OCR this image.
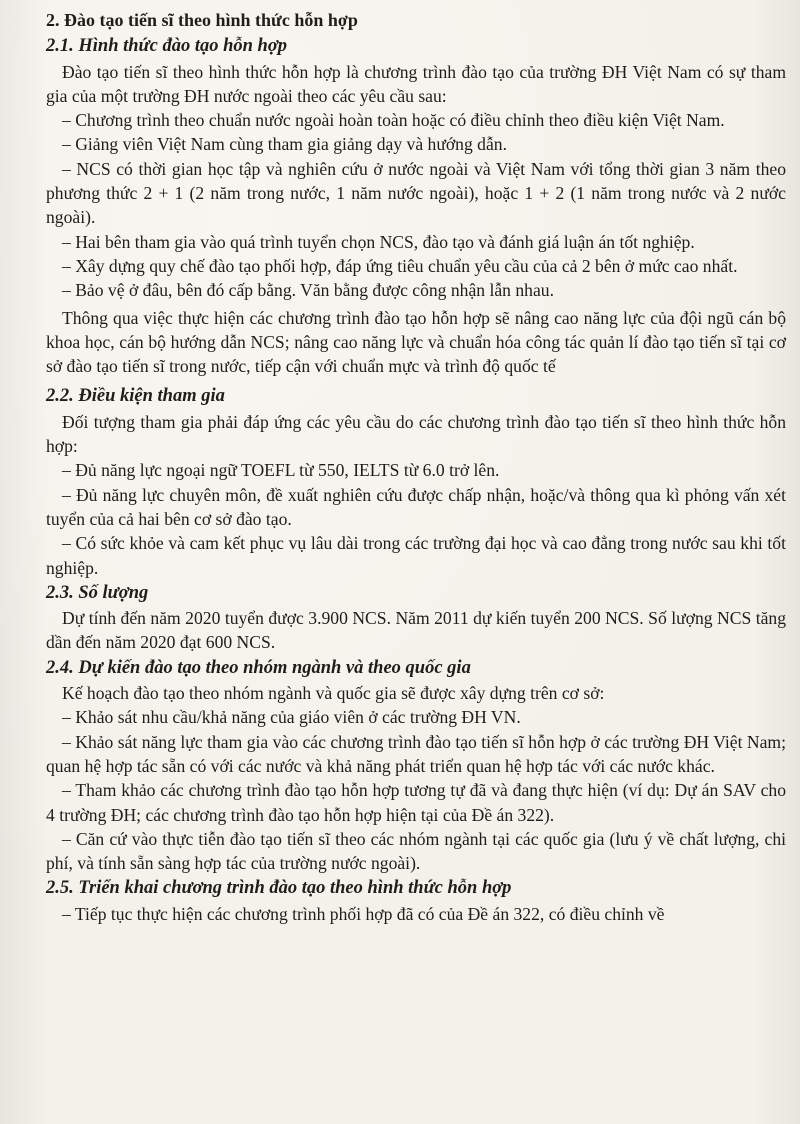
2. Đào tạo tiến sĩ theo hình thức hỗn hợp
2.1. Hình thức đào tạo hỗn hợp

Đào tạo tiến sĩ theo hình thức hỗn hợp là chương trình đào tạo của trường ĐH Việt Nam có sự tham gia của một trường ĐH nước ngoài theo các yêu cầu sau:

– Chương trình theo chuẩn nước ngoài hoàn toàn hoặc có điều chỉnh theo điều kiện Việt Nam.

– Giảng viên Việt Nam cùng tham gia giảng dạy và hướng dẫn.

– NCS có thời gian học tập và nghiên cứu ở nước ngoài và Việt Nam với tổng thời gian 3 năm theo phương thức 2 + 1 (2 năm trong nước, 1 năm nước ngoài), hoặc 1 + 2 (1 năm trong nước và 2 nước ngoài).

– Hai bên tham gia vào quá trình tuyển chọn NCS, đào tạo và đánh giá luận án tốt nghiệp.

– Xây dựng quy chế đào tạo phối hợp, đáp ứng tiêu chuẩn yêu cầu của cả 2 bên ở mức cao nhất.

– Bảo vệ ở đâu, bên đó cấp bằng. Văn bằng được công nhận lẫn nhau.

Thông qua việc thực hiện các chương trình đào tạo hỗn hợp sẽ nâng cao năng lực của đội ngũ cán bộ khoa học, cán bộ hướng dẫn NCS; nâng cao năng lực và chuẩn hóa công tác quản lí đào tạo tiến sĩ tại cơ sở đào tạo tiến sĩ trong nước, tiếp cận với chuẩn mực và trình độ quốc tế

2.2. Điều kiện tham gia

Đối tượng tham gia phải đáp ứng các yêu cầu do các chương trình đào tạo tiến sĩ theo hình thức hỗn hợp:

– Đủ năng lực ngoại ngữ TOEFL từ 550, IELTS từ 6.0 trở lên.

– Đủ năng lực chuyên môn, đề xuất nghiên cứu được chấp nhận, hoặc/và thông qua kì phỏng vấn xét tuyển của cả hai bên cơ sở đào tạo.

– Có sức khỏe và cam kết phục vụ lâu dài trong các trường đại học và cao đẳng trong nước sau khi tốt nghiệp.

2.3. Số lượng

Dự tính đến năm 2020 tuyển được 3.900 NCS. Năm 2011 dự kiến tuyển 200 NCS. Số lượng NCS tăng dần đến năm 2020 đạt 600 NCS.

2.4. Dự kiến đào tạo theo nhóm ngành và theo quốc gia

Kế hoạch đào tạo theo nhóm ngành và quốc gia sẽ được xây dựng trên cơ sở:

– Khảo sát nhu cầu/khả năng của giáo viên ở các trường ĐH VN.

– Khảo sát năng lực tham gia vào các chương trình đào tạo tiến sĩ hỗn hợp ở các trường ĐH Việt Nam; quan hệ hợp tác sẵn có với các nước và khả năng phát triển quan hệ hợp tác với các nước khác.

– Tham khảo các chương trình đào tạo hỗn hợp tương tự đã và đang thực hiện (ví dụ: Dự án SAV cho 4 trường ĐH; các chương trình đào tạo hỗn hợp hiện tại của Đề án 322).

– Căn cứ vào thực tiễn đào tạo tiến sĩ theo các nhóm ngành tại các quốc gia (lưu ý về chất lượng, chi phí, và tính sẵn sàng hợp tác của trường nước ngoài).

2.5. Triển khai chương trình đào tạo theo hình thức hỗn hợp

– Tiếp tục thực hiện các chương trình phối hợp đã có của Đề án 322, có điều chỉnh về
